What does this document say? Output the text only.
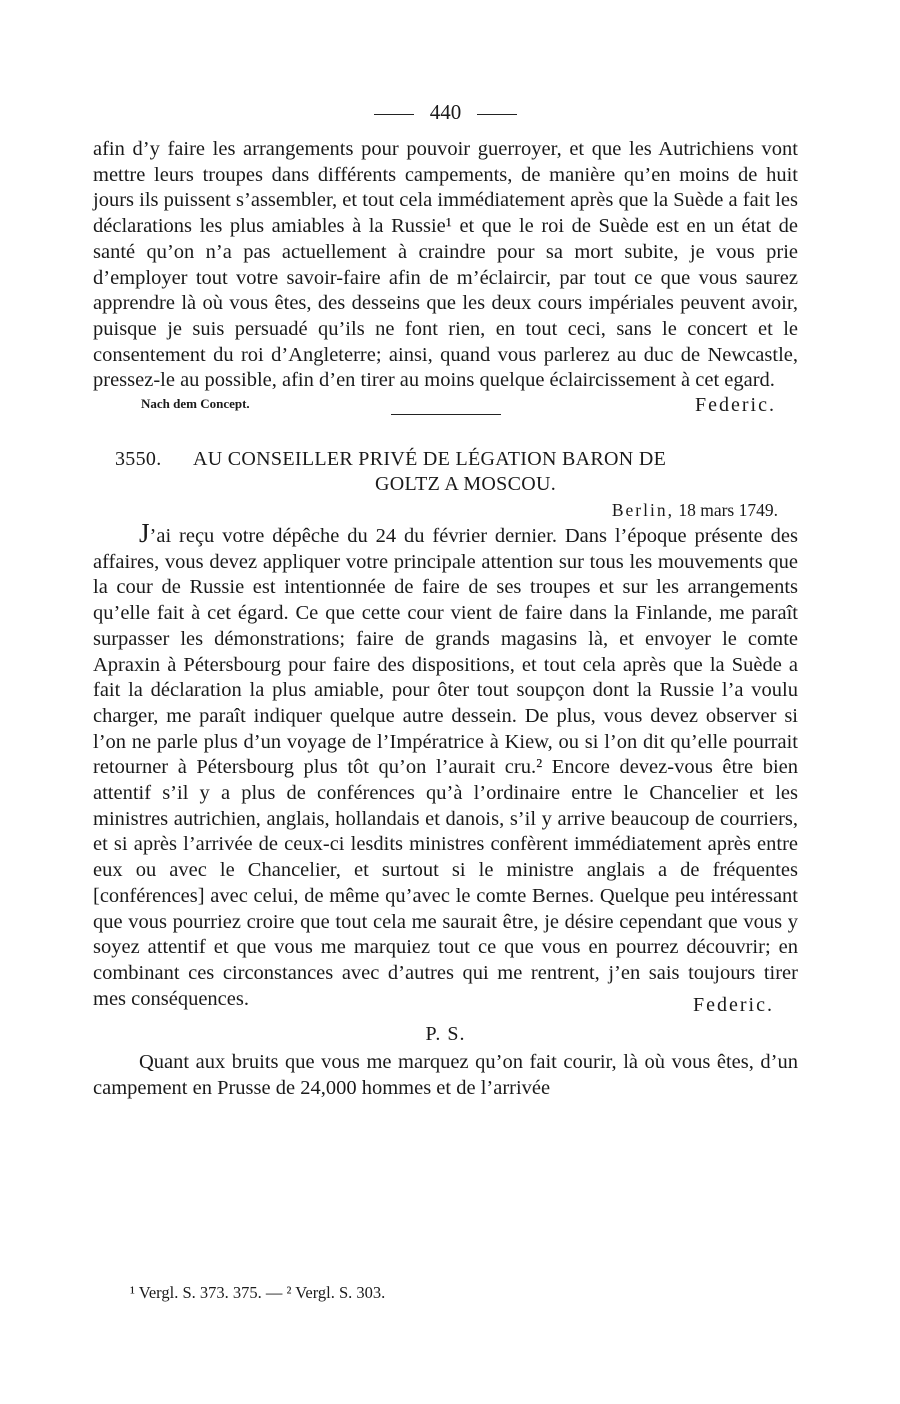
440

afin d’y faire les arrangements pour pouvoir guerroyer, et que les Autrichiens vont mettre leurs troupes dans différents campements, de manière qu’en moins de huit jours ils puissent s’assembler, et tout cela immédiatement après que la Suède a fait les déclarations les plus amiables à la Russie¹ et que le roi de Suède est en un état de santé qu’on n’a pas actuellement à craindre pour sa mort subite, je vous prie d’employer tout votre savoir-faire afin de m’éclaircir, par tout ce que vous saurez apprendre là où vous êtes, des desseins que les deux cours impériales peuvent avoir, puisque je suis persuadé qu’ils ne font rien, en tout ceci, sans le concert et le consentement du roi d’Angleterre; ainsi, quand vous parlerez au duc de Newcastle, pressez-le au possible, afin d’en tirer au moins quelque éclaircissement à cet egard.

Nach dem Concept.	Federic.
3550.	AU CONSEILLER PRIVÉ DE LÉGATION BARON DE
GOLTZ A MOSCOU.
Berlin, 18 mars 1749.

J’ai reçu votre dépêche du 24 du février dernier. Dans l’époque présente des affaires, vous devez appliquer votre principale attention sur tous les mouvements que la cour de Russie est intentionnée de faire de ses troupes et sur les arrangements qu’elle fait à cet égard. Ce que cette cour vient de faire dans la Finlande, me paraît surpasser les démonstrations; faire de grands magasins là, et envoyer le comte Apraxin à Pétersbourg pour faire des dispositions, et tout cela après que la Suède a fait la déclaration la plus amiable, pour ôter tout soupçon dont la Russie l’a voulu charger, me paraît indiquer quelque autre dessein. De plus, vous devez observer si l’on ne parle plus d’un voyage de l’Impératrice à Kiew, ou si l’on dit qu’elle pourrait retourner à Pétersbourg plus tôt qu’on l’aurait cru.² Encore devez-vous être bien attentif s’il y a plus de conférences qu’à l’ordinaire entre le Chancelier et les ministres autrichien, anglais, hollandais et danois, s’il y arrive beaucoup de courriers, et si après l’arrivée de ceux-ci lesdits ministres confèrent immédiatement après entre eux ou avec le Chancelier, et surtout si le ministre anglais a de fréquentes [conférences] avec celui, de même qu’avec le comte Bernes. Quelque peu intéressant que vous pourriez croire que tout cela me saurait être, je désire cependant que vous y soyez attentif et que vous me marquiez tout ce que vous en pourrez découvrir; en combinant ces circonstances avec d’autres qui me rentrent, j’en sais toujours tirer mes conséquences.	Federic.
P. S.

Quant aux bruits que vous me marquez qu’on fait courir, là où vous êtes, d’un campement en Prusse de 24,000 hommes et de l’arrivée

¹ Vergl. S. 373. 375. — ² Vergl. S. 303.
